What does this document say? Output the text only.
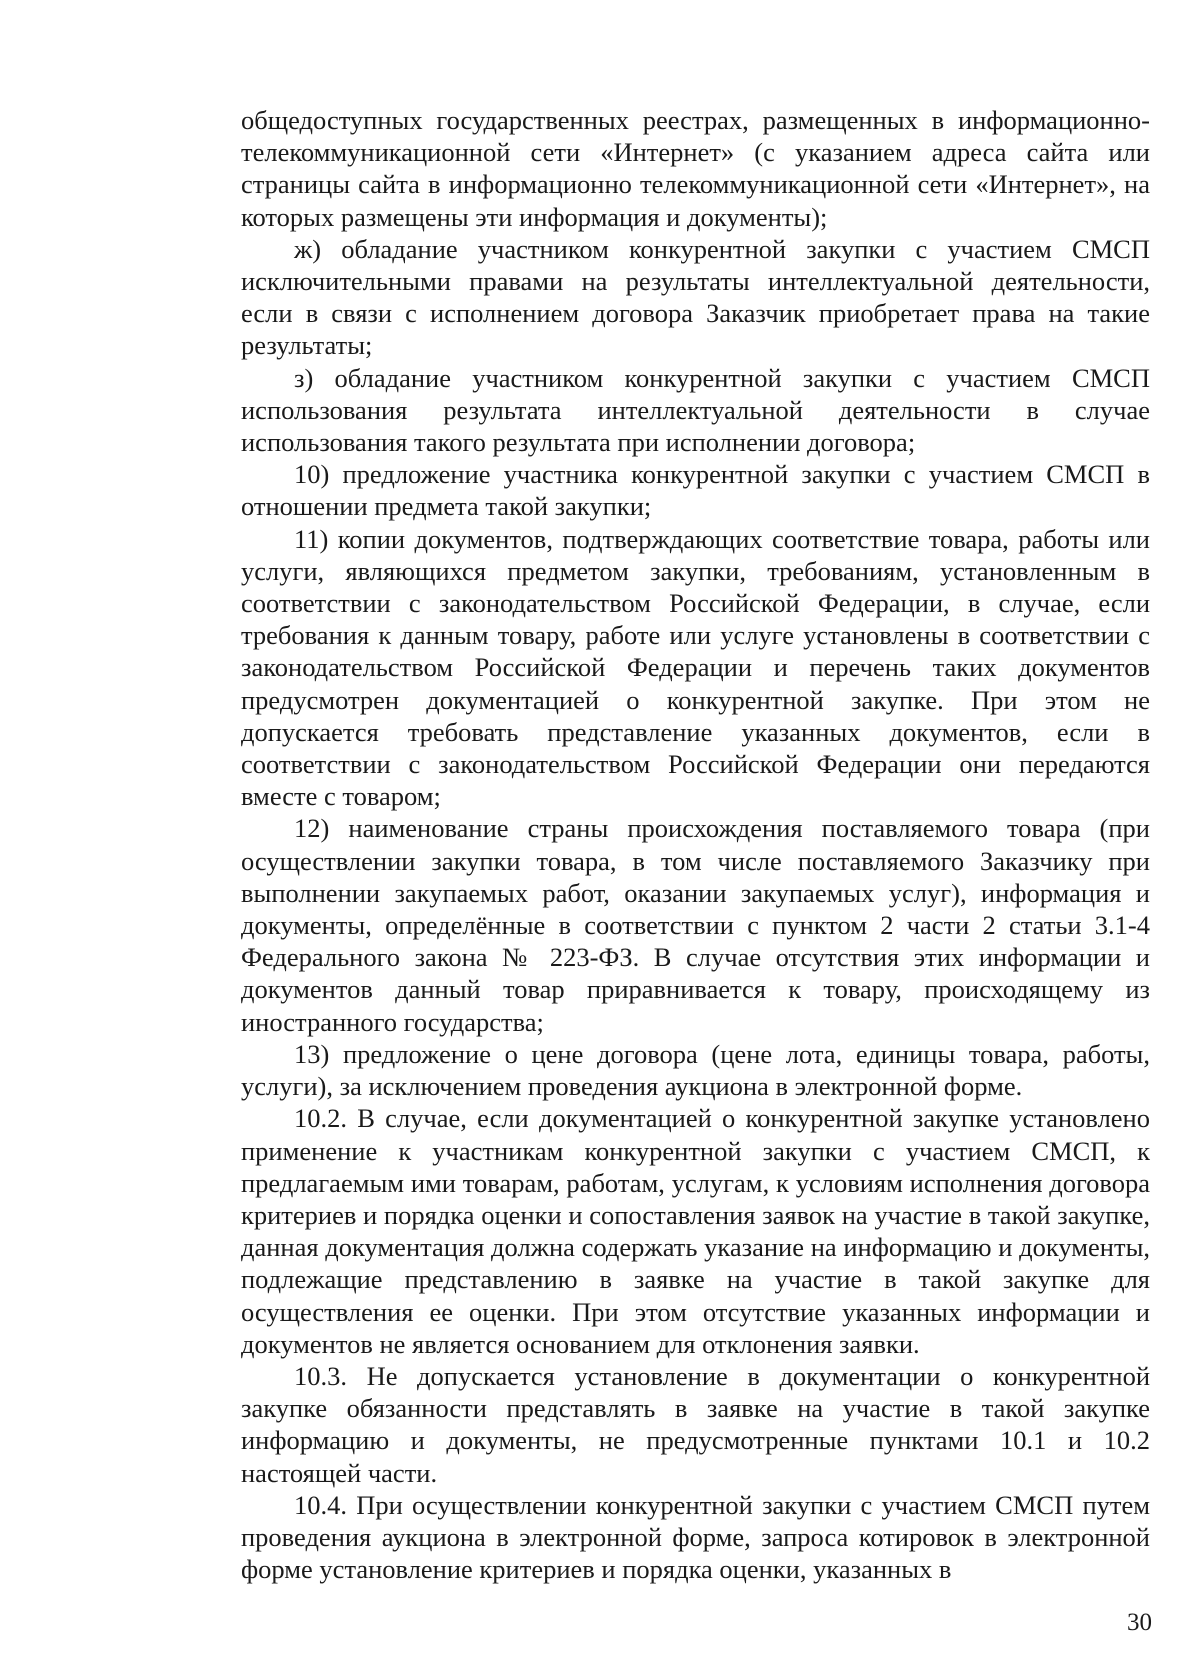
общедоступных государственных реестрах, размещенных в информационно-телекоммуникационной сети «Интернет» (с указанием адреса сайта или страницы сайта в информационно телекоммуникационной сети «Интернет», на которых размещены эти информация и документы);

ж) обладание участником конкурентной закупки с участием СМСП исключительными правами на результаты интеллектуальной деятельности, если в связи с исполнением договора Заказчик приобретает права на такие результаты;

з) обладание участником конкурентной закупки с участием СМСП использования результата интеллектуальной деятельности в случае использования такого результата при исполнении договора;

10) предложение участника конкурентной закупки с участием СМСП в отношении предмета такой закупки;

11) копии документов, подтверждающих соответствие товара, работы или услуги, являющихся предметом закупки, требованиям, установленным в соответствии с законодательством Российской Федерации, в случае, если требования к данным товару, работе или услуге установлены в соответствии с законодательством Российской Федерации и перечень таких документов предусмотрен документацией о конкурентной закупке. При этом не допускается требовать представление указанных документов, если в соответствии с законодательством Российской Федерации они передаются вместе с товаром;

12) наименование страны происхождения поставляемого товара (при осуществлении закупки товара, в том числе поставляемого Заказчику при выполнении закупаемых работ, оказании закупаемых услуг), информация и документы, определённые в соответствии с пунктом 2 части 2 статьи 3.1-4 Федерального закона № 223-ФЗ. В случае отсутствия этих информации и документов данный товар приравнивается к товару, происходящему из иностранного государства;

13) предложение о цене договора (цене лота, единицы товара, работы, услуги), за исключением проведения аукциона в электронной форме.

10.2. В случае, если документацией о конкурентной закупке установлено применение к участникам конкурентной закупки с участием СМСП, к предлагаемым ими товарам, работам, услугам, к условиям исполнения договора критериев и порядка оценки и сопоставления заявок на участие в такой закупке, данная документация должна содержать указание на информацию и документы, подлежащие представлению в заявке на участие в такой закупке для осуществления ее оценки. При этом отсутствие указанных информации и документов не является основанием для отклонения заявки.

10.3. Не допускается установление в документации о конкурентной закупке обязанности представлять в заявке на участие в такой закупке информацию и документы, не предусмотренные пунктами 10.1 и 10.2 настоящей части.

10.4. При осуществлении конкурентной закупки с участием СМСП путем проведения аукциона в электронной форме, запроса котировок в электронной форме установление критериев и порядка оценки, указанных в

30
